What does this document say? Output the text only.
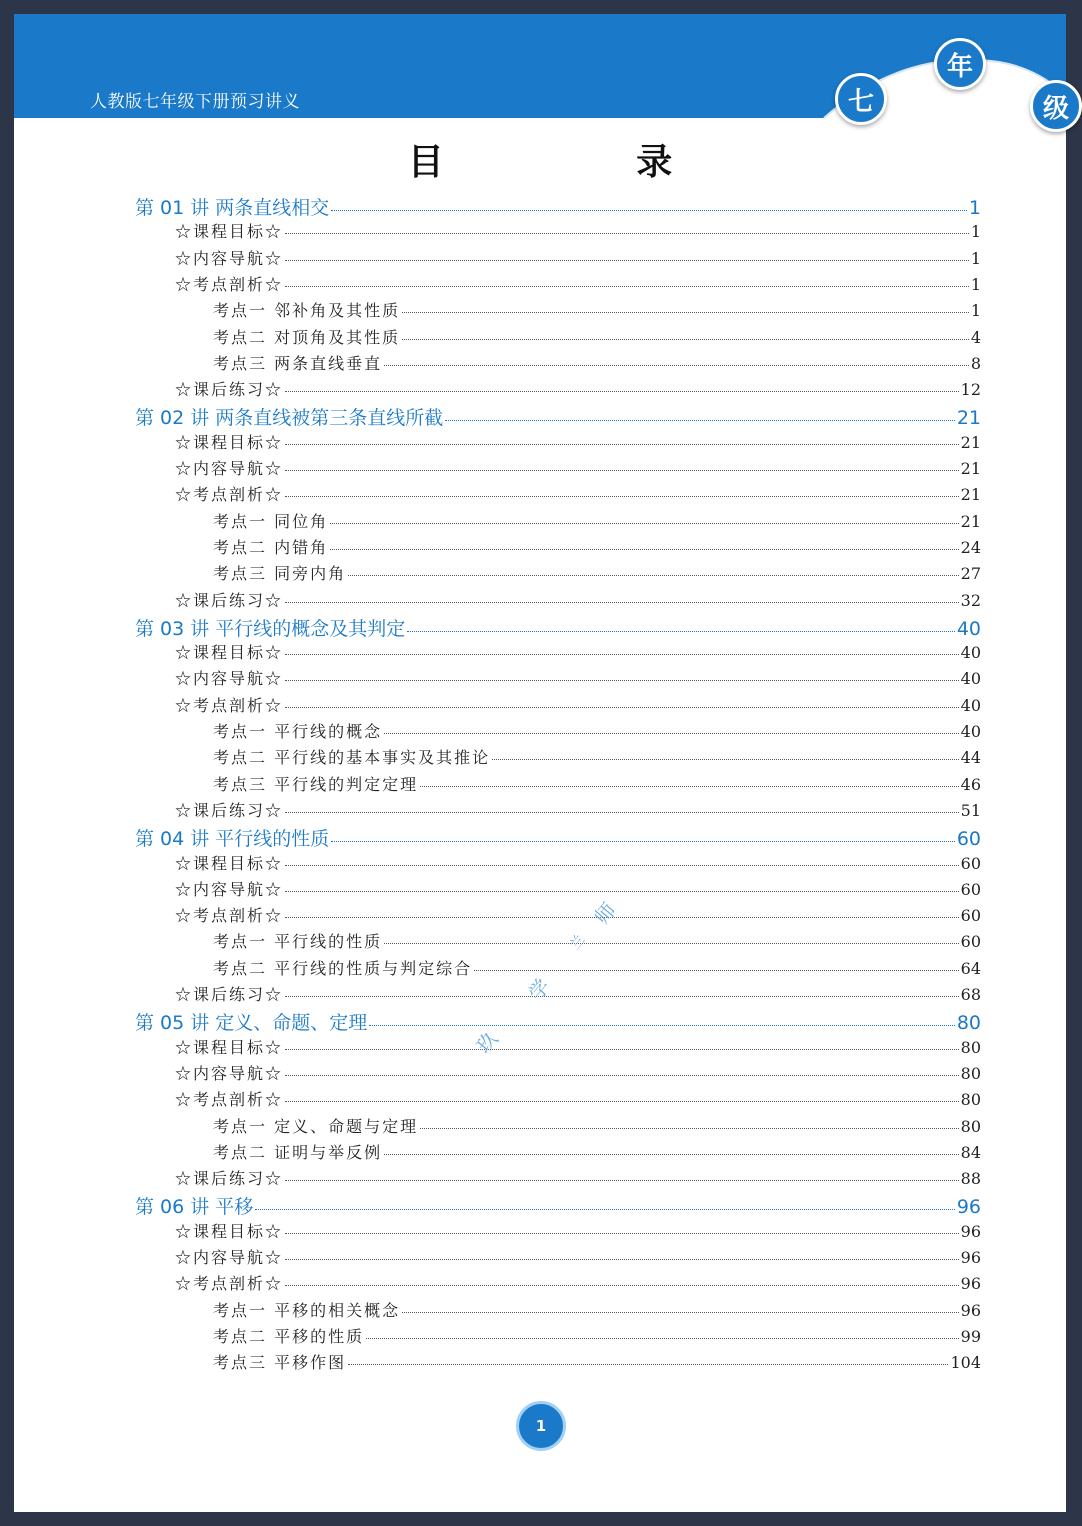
人教版七年级下册预习讲义	七
年
级
目 录
第 01 讲 两条直线相交	1
☆课程目标☆	1
☆内容导航☆	1
☆考点剖析☆	1
考点一 邻补角及其性质	1
考点二 对顶角及其性质	4
考点三 两条直线垂直	8
☆课后练习☆	12
第 02 讲 两条直线被第三条直线所截	21
☆课程目标☆	21
☆内容导航☆	21
☆考点剖析☆	21
考点一 同位角	21
考点二 内错角	24
考点三 同旁内角	27
☆课后练习☆	32
第 03 讲 平行线的概念及其判定	40
☆课程目标☆	40
☆内容导航☆	40
☆考点剖析☆	40
考点一 平行线的概念	40
考点二 平行线的基本事实及其推论	44
考点三 平行线的判定定理	46
☆课后练习☆	51
第 04 讲 平行线的性质	60
☆课程目标☆	60
☆内容导航☆	60
☆考点剖析☆	60
考点一 平行线的性质	60
考点二 平行线的性质与判定综合	64
☆课后练习☆	68
第 05 讲 定义、命题、定理	80
☆课程目标☆	80
☆内容导航☆	80
☆考点剖析☆	80
考点一 定义、命题与定理	80
考点二 证明与举反例	84
☆课后练习☆	88
第 06 讲 平移	96
☆课程目标☆	96
☆内容导航☆	96
☆考点剖析☆	96
考点一 平移的相关概念	96
考点二 平移的性质	99
考点三 平移作图	104
师
兰
学
玖
1
